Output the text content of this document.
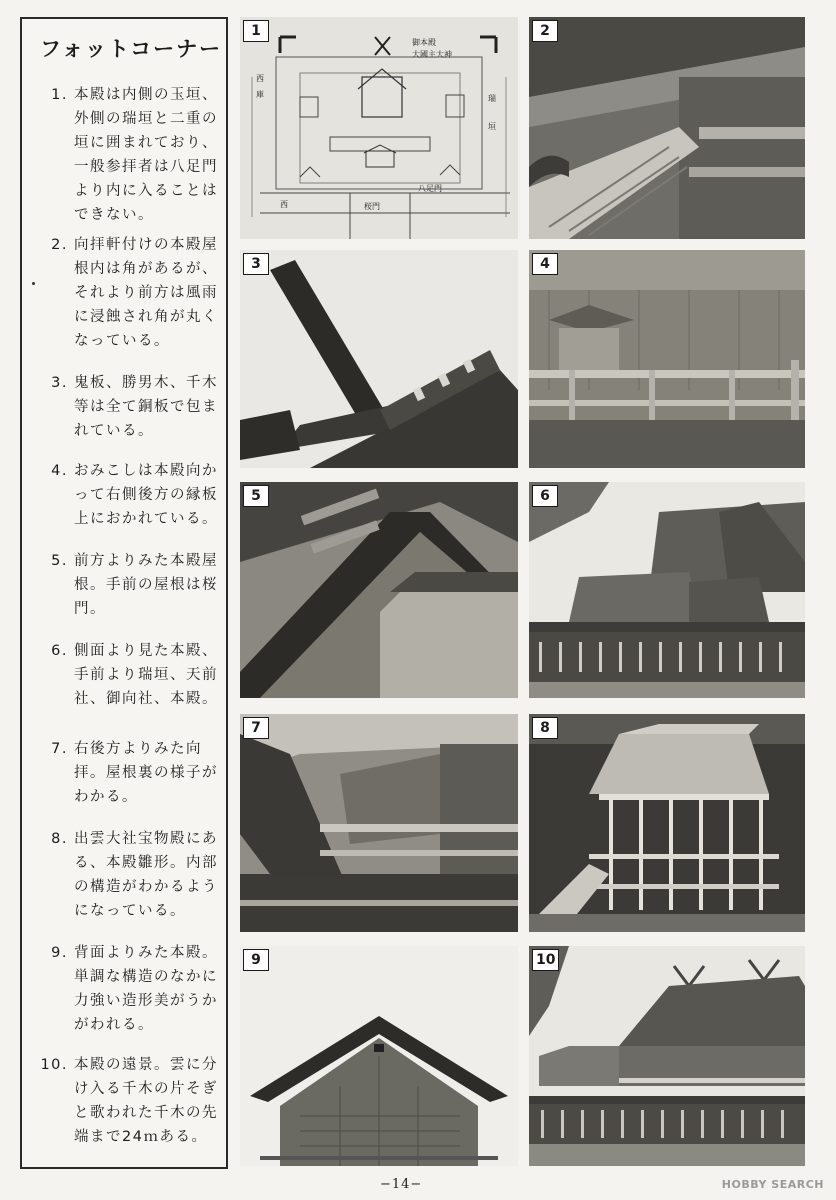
フォットコーナー
1. 本殿は内側の玉垣、外側の瑞垣と二重の垣に囲まれており、一般参拝者は八足門より内に入ることはできない。
2. 向拝軒付けの本殿屋根内は角があるが、それより前方は風雨に浸蝕され角が丸くなっている。
3. 鬼板、勝男木、千木等は全て銅板で包まれている。
4. おみこしは本殿向かって右側後方の縁板上におかれている。
5. 前方よりみた本殿屋根。手前の屋根は桜門。
6. 側面より見た本殿、手前より瑞垣、天前社、御向社、本殿。
7. 右後方よりみた向拝。屋根裏の様子がわかる。
8. 出雲大社宝物殿にある、本殿雛形。内部の構造がわかるようになっている。
9. 背面よりみた本殿。単調な構造のなかに力強い造形美がうかがわれる。
10. 本殿の遠景。雲に分け入る千木の片そぎと歌われた千木の先端まで24ｍある。
1
御本殿
大國主大神
八足門
西	桜門
瑞
垣
西
庫
2
3	4
5	6
7	8
9	10
−14−	HOBBY SEARCH
